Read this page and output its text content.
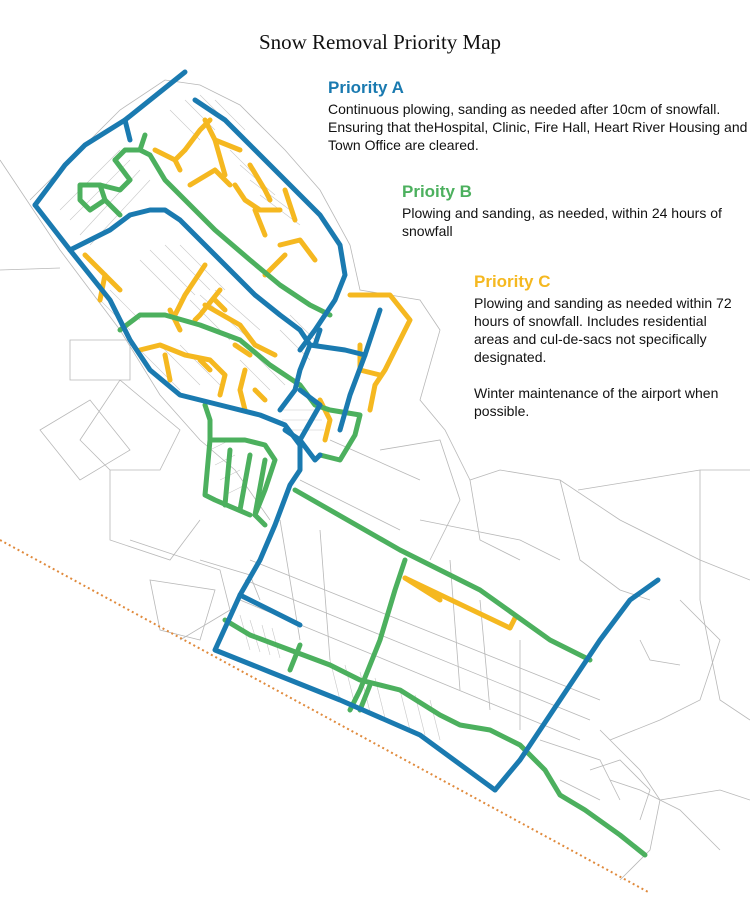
Snow Removal Priority Map
Priority A

Continuous plowing, sanding as needed after 10cm of snowfall. Ensuring that theHospital, Clinic, Fire Hall, Heart River Housing and Town Office are cleared.

Prioity B

Plowing and sanding, as needed, within 24 hours of snowfall

Priority C

Plowing and sanding as needed within 72 hours of snowfall. Includes residential areas and cul-de-sacs not specifically designated.

Winter maintenance of the airport when possible.
